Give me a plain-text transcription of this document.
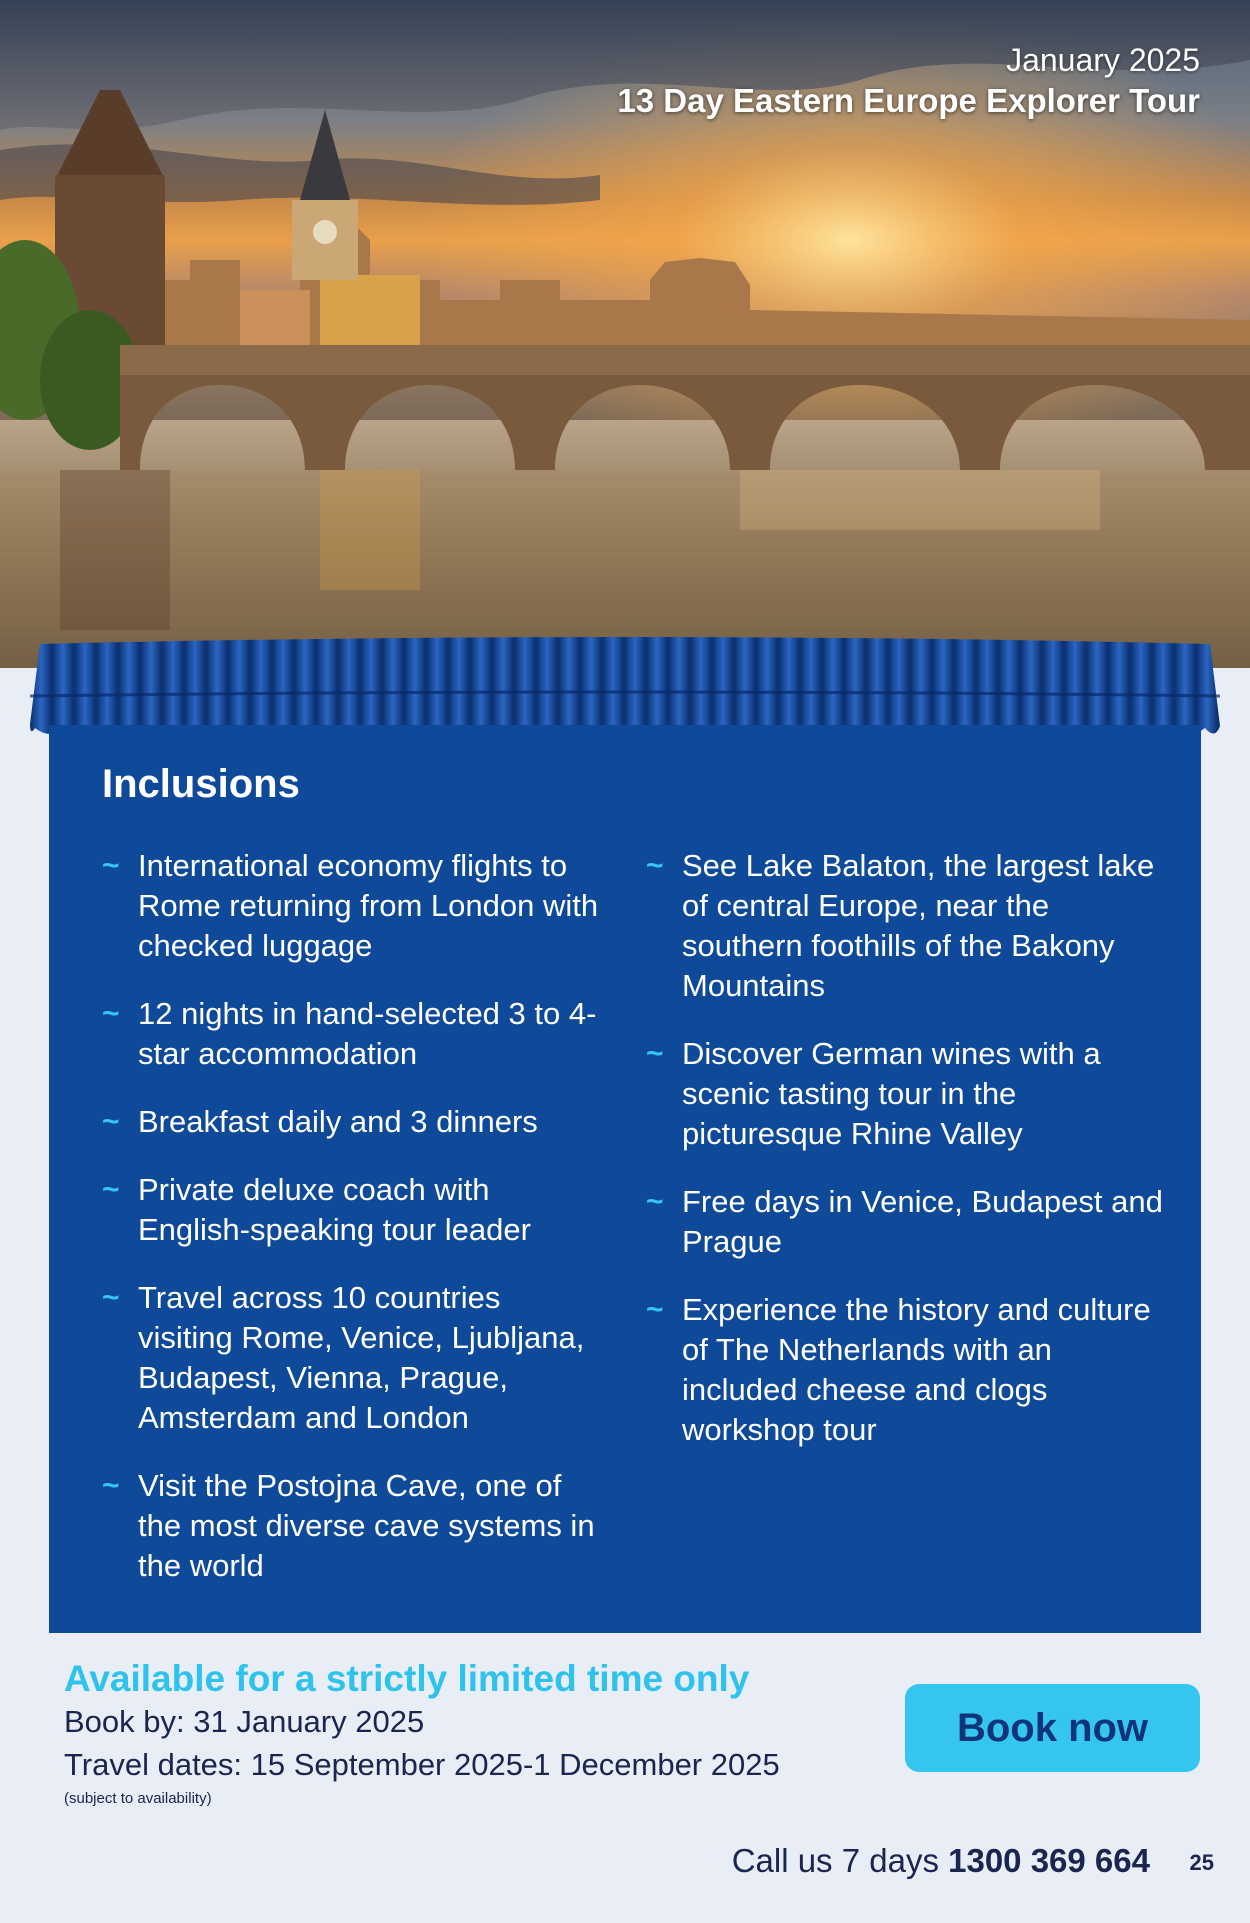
January 2025
13 Day Eastern Europe Explorer Tour
Inclusions
~ International economy flights to Rome returning from London with checked luggage
~ 12 nights in hand-selected 3 to 4-star accommodation
~ Breakfast daily and 3 dinners
~ Private deluxe coach with English-speaking tour leader
~ Travel across 10 countries visiting Rome, Venice, Ljubljana, Budapest, Vienna, Prague, Amsterdam and London
~ Visit the Postojna Cave, one of the most diverse cave systems in the world
~ See Lake Balaton, the largest lake of central Europe, near the southern foothills of the Bakony Mountains
~ Discover German wines with a scenic tasting tour in the picturesque Rhine Valley
~ Free days in Venice, Budapest and Prague
~ Experience the history and culture of The Netherlands with an included cheese and clogs workshop tour
Available for a strictly limited time only
Book by: 31 January 2025
Travel dates: 15 September 2025-1 December 2025
(subject to availability)
Book now
Call us 7 days 1300 369 664 25
